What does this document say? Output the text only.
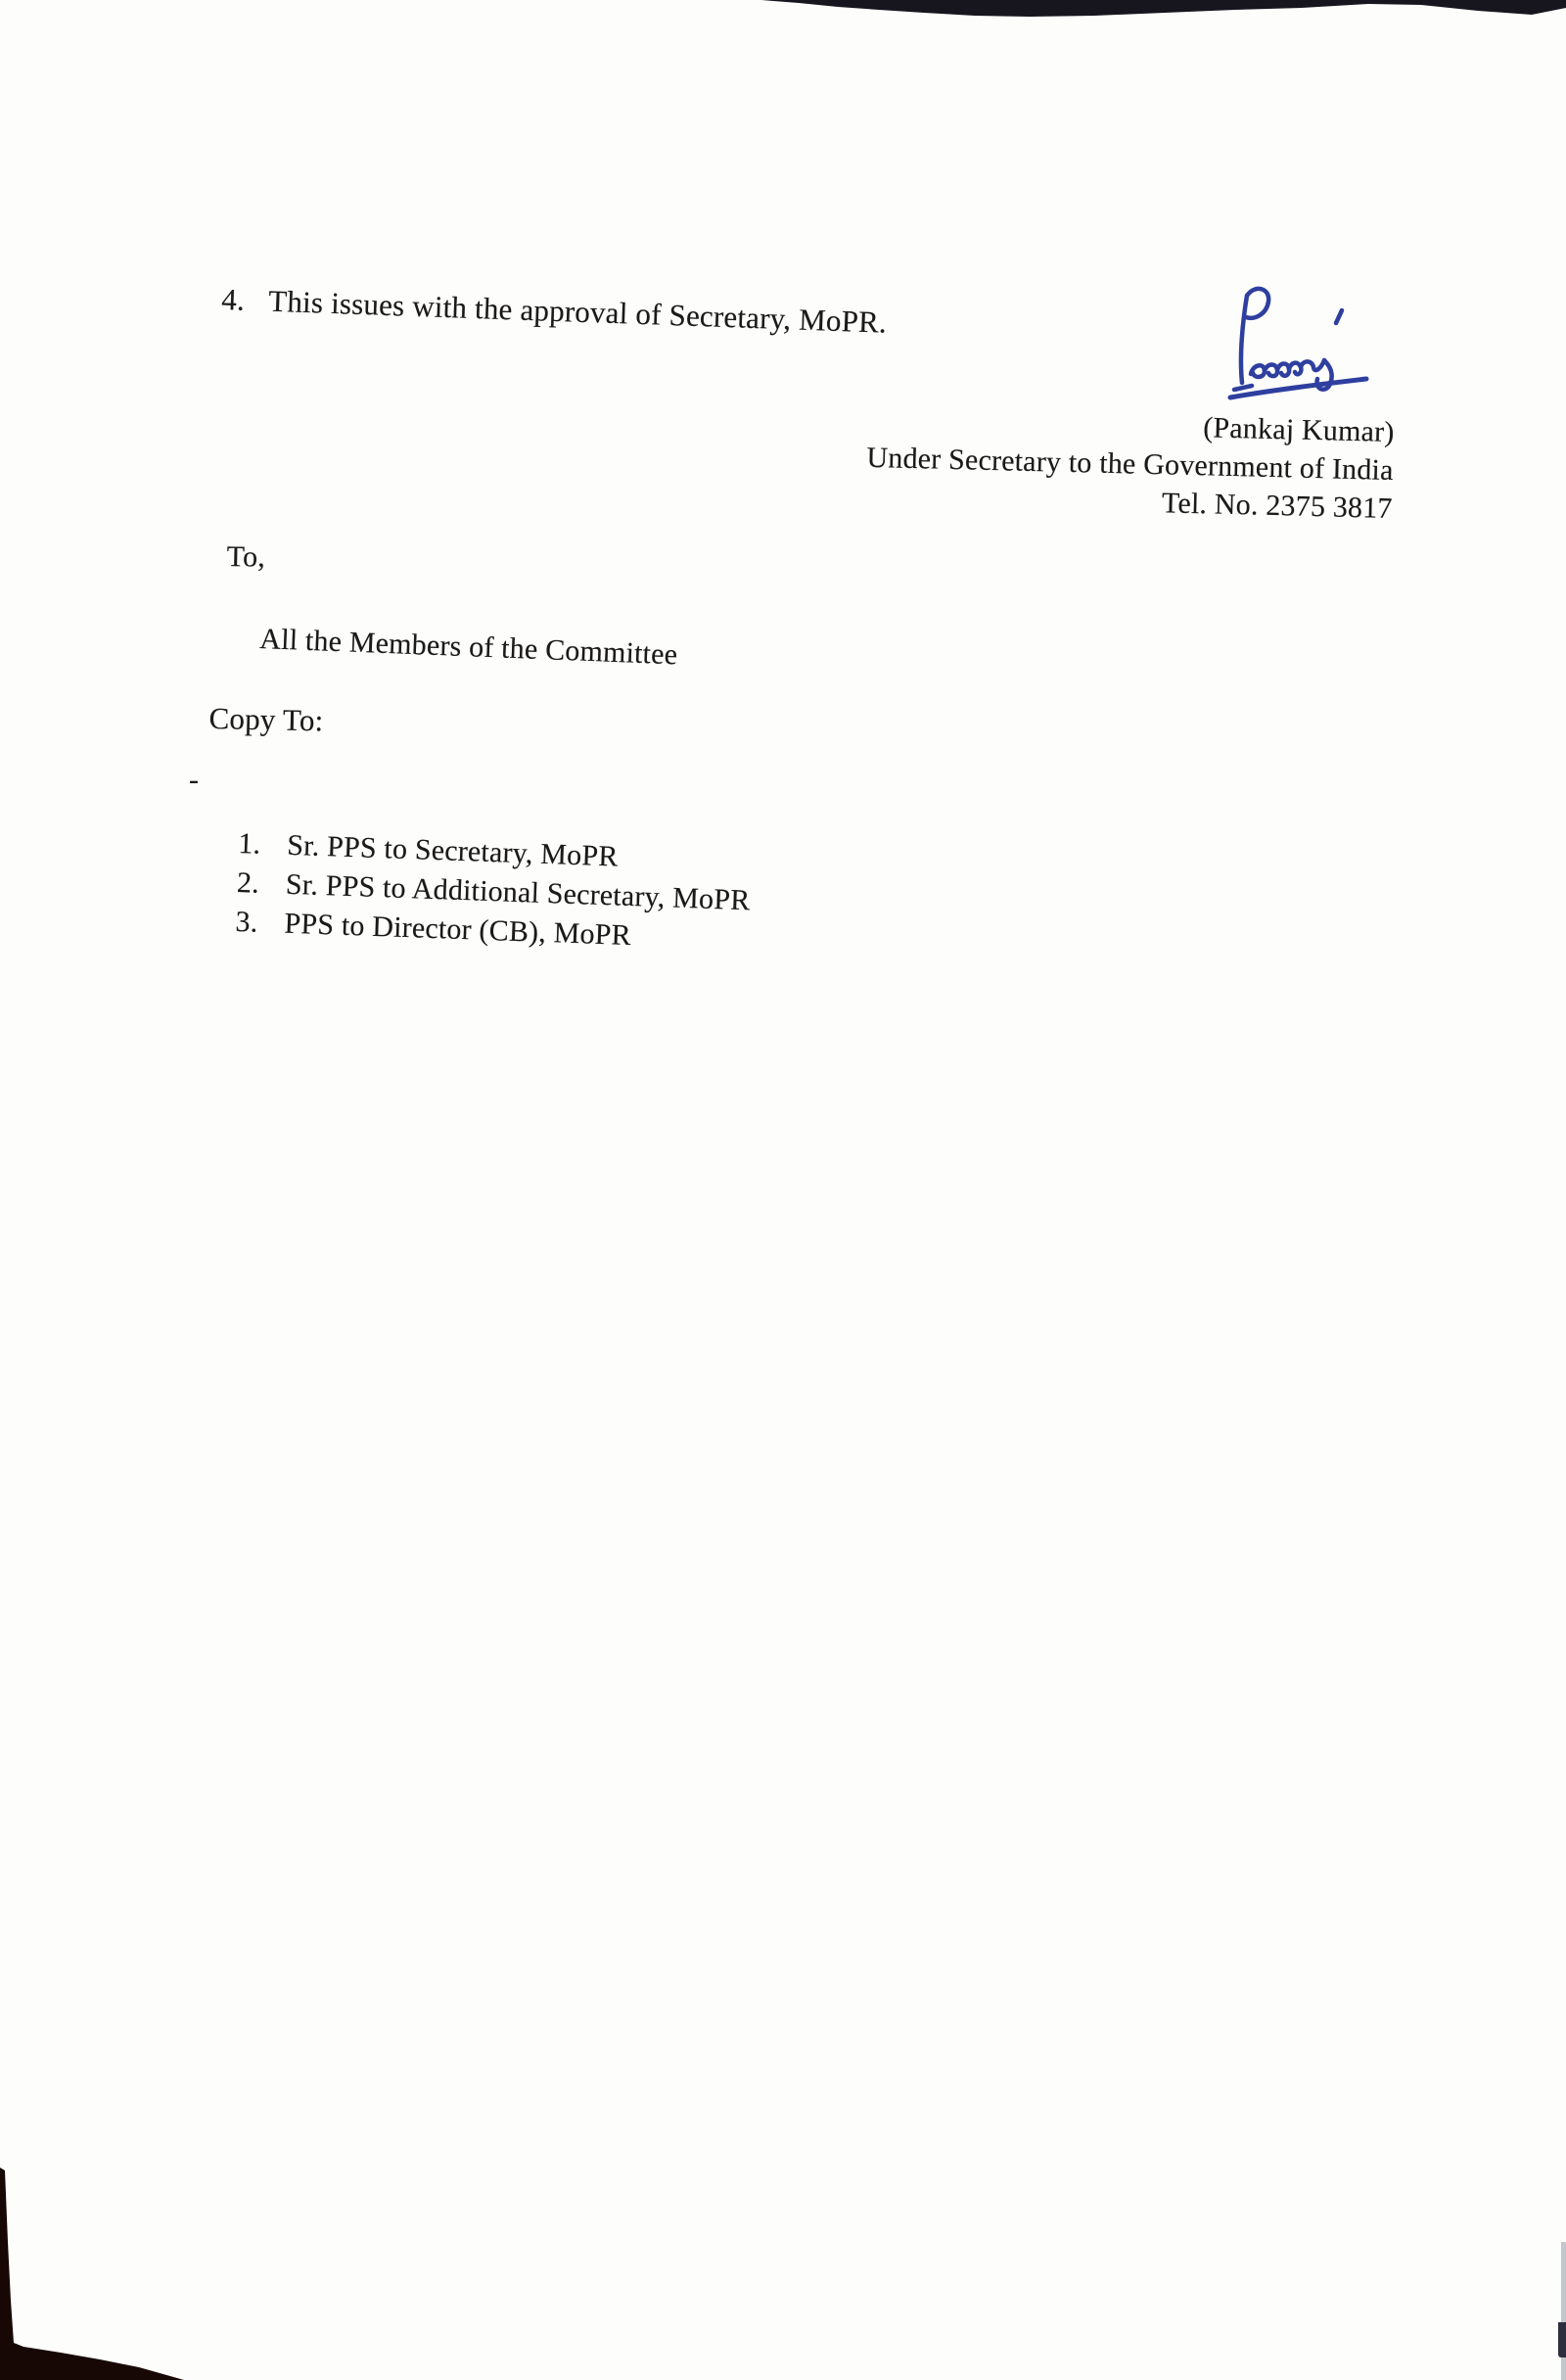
4. This issues with the approval of Secretary, MoPR.
(Pankaj Kumar)
Under Secretary to the Government of India
Tel. No. 2375 3817
To,
All the Members of the Committee
Copy To:
-
1. Sr. PPS to Secretary, MoPR
2. Sr. PPS to Additional Secretary, MoPR
3. PPS to Director (CB), MoPR
